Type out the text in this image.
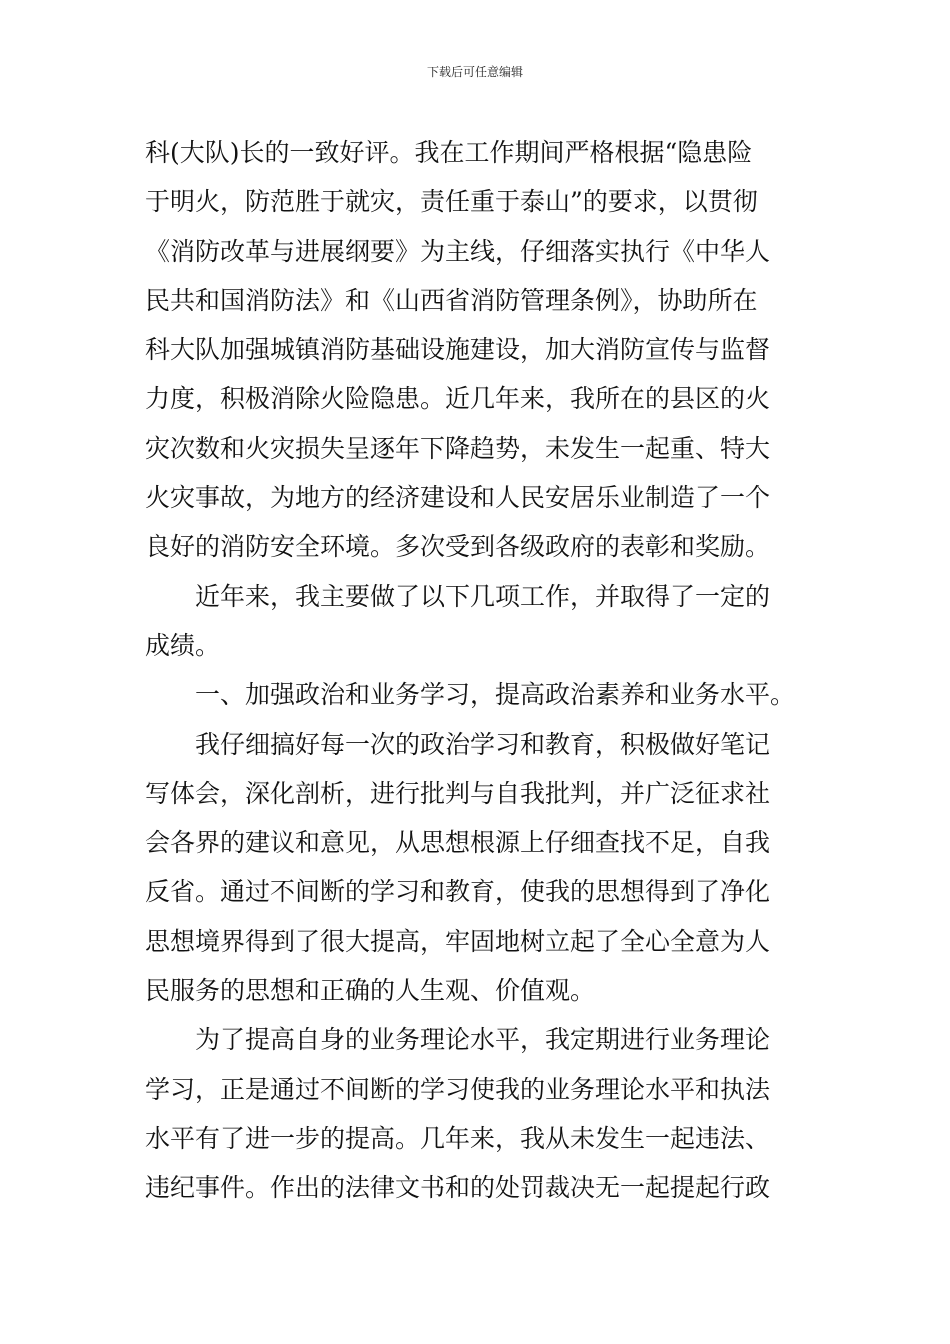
下载后可任意编辑
科(大队)长的一致好评。我在工作期间严格根据“隐患险
于明火，防范胜于就灾，责任重于泰山”的要求，以贯彻
《消防改革与进展纲要》为主线，仔细落实执行《中华人
民共和国消防法》和《山西省消防管理条例》，协助所在
科大队加强城镇消防基础设施建设，加大消防宣传与监督
力度，积极消除火险隐患。近几年来，我所在的县区的火
灾次数和火灾损失呈逐年下降趋势，未发生一起重、特大
火灾事故，为地方的经济建设和人民安居乐业制造了一个
良好的消防安全环境。多次受到各级政府的表彰和奖励。
近年来，我主要做了以下几项工作，并取得了一定的
成绩。
一、加强政治和业务学习，提高政治素养和业务水平。
我仔细搞好每一次的政治学习和教育，积极做好笔记
写体会，深化剖析，进行批判与自我批判，并广泛征求社
会各界的建议和意见，从思想根源上仔细查找不足，自我
反省。通过不间断的学习和教育，使我的思想得到了净化
思想境界得到了很大提高，牢固地树立起了全心全意为人
民服务的思想和正确的人生观、价值观。
为了提高自身的业务理论水平，我定期进行业务理论
学习，正是通过不间断的学习使我的业务理论水平和执法
水平有了进一步的提高。几年来，我从未发生一起违法、
违纪事件。作出的法律文书和的处罚裁决无一起提起行政
